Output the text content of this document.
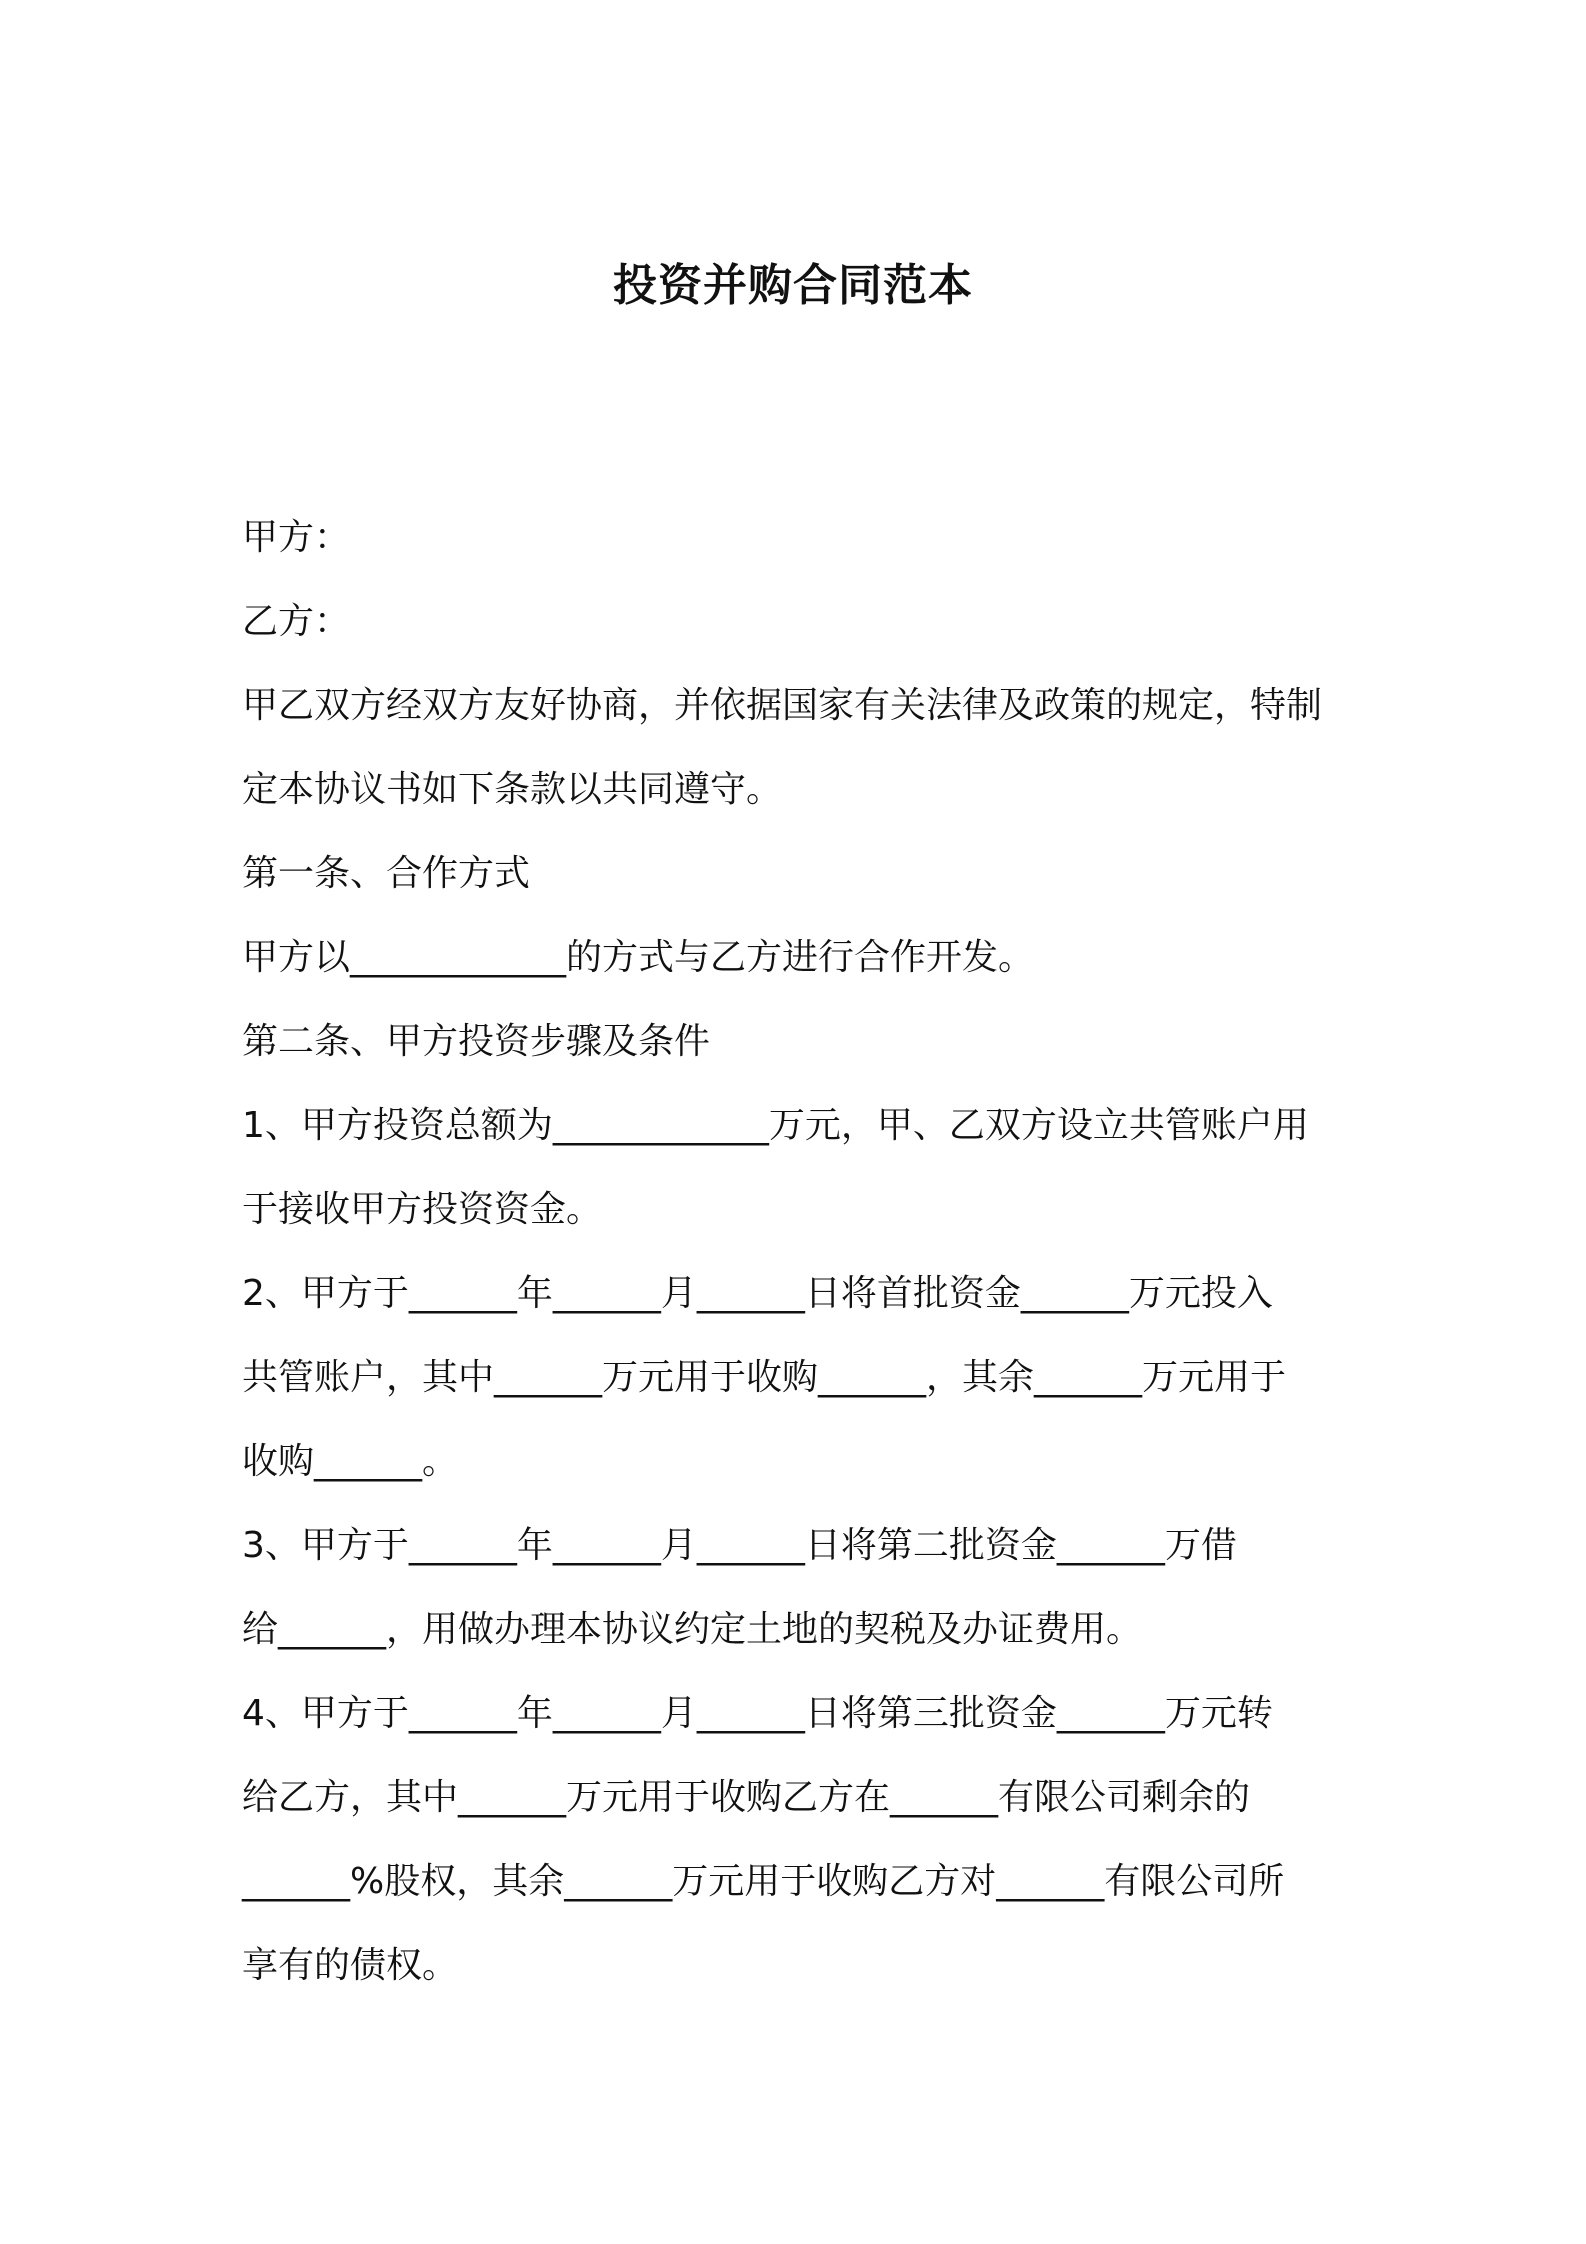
投资并购合同范本
甲方：
乙方：
甲乙双方经双方友好协商，并依据国家有关法律及政策的规定，特制
定本协议书如下条款以共同遵守。
第一条、合作方式
甲方以____________的方式与乙方进行合作开发。
第二条、甲方投资步骤及条件
1、甲方投资总额为____________万元，甲、乙双方设立共管账户用
于接收甲方投资资金。
2、甲方于______年______月______日将首批资金______万元投入
共管账户，其中______万元用于收购______，其余______万元用于
收购______。
3、甲方于______年______月______日将第二批资金______万借
给______，用做办理本协议约定土地的契税及办证费用。
4、甲方于______年______月______日将第三批资金______万元转
给乙方，其中______万元用于收购乙方在______有限公司剩余的
______%股权，其余______万元用于收购乙方对______有限公司所
享有的债权。
